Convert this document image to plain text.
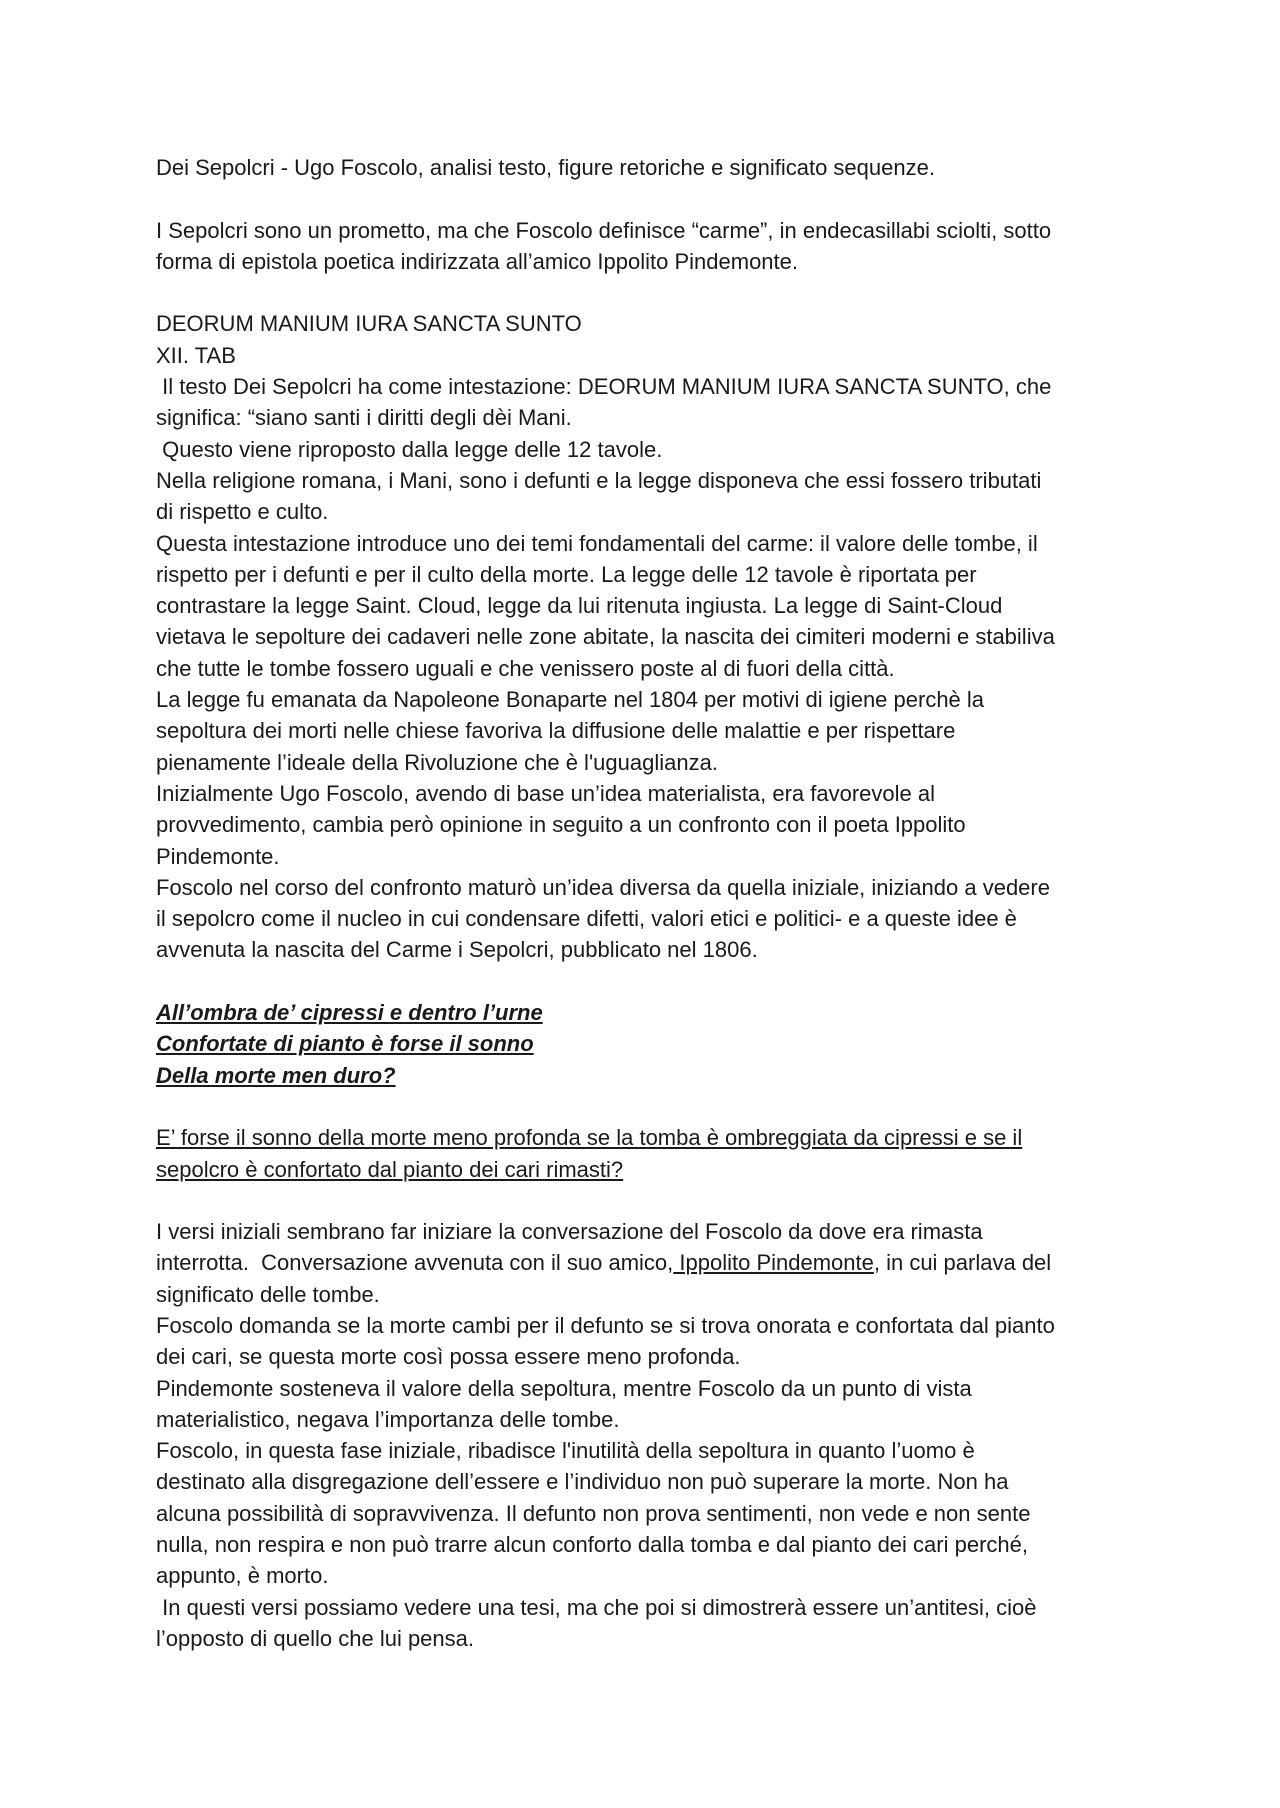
Dei Sepolcri - Ugo Foscolo, analisi testo, figure retoriche e significato sequenze.
I Sepolcri sono un prometto, ma che Foscolo definisce “carme”, in endecasillabi sciolti, sotto
forma di epistola poetica indirizzata all’amico Ippolito Pindemonte.
DEORUM MANIUM IURA SANCTA SUNTO
XII. TAB
Il testo Dei Sepolcri ha come intestazione: DEORUM MANIUM IURA SANCTA SUNTO, che
significa: “siano santi i diritti degli dèi Mani.
Questo viene riproposto dalla legge delle 12 tavole.
Nella religione romana, i Mani, sono i defunti e la legge disponeva che essi fossero tributati
di rispetto e culto.
Questa intestazione introduce uno dei temi fondamentali del carme: il valore delle tombe, il
rispetto per i defunti e per il culto della morte. La legge delle 12 tavole è riportata per
contrastare la legge Saint. Cloud, legge da lui ritenuta ingiusta. La legge di Saint-Cloud
vietava le sepolture dei cadaveri nelle zone abitate, la nascita dei cimiteri moderni e stabiliva
che tutte le tombe fossero uguali e che venissero poste al di fuori della città.
La legge fu emanata da Napoleone Bonaparte nel 1804 per motivi di igiene perchè la
sepoltura dei morti nelle chiese favoriva la diffusione delle malattie e per rispettare
pienamente l’ideale della Rivoluzione che è l'uguaglianza.
Inizialmente Ugo Foscolo, avendo di base un’idea materialista, era favorevole al
provvedimento, cambia però opinione in seguito a un confronto con il poeta Ippolito
Pindemonte.
Foscolo nel corso del confronto maturò un’idea diversa da quella iniziale, iniziando a vedere
il sepolcro come il nucleo in cui condensare difetti, valori etici e politici- e a queste idee è
avvenuta la nascita del Carme i Sepolcri, pubblicato nel 1806.
All’ombra de’ cipressi e dentro l’urne
Confortate di pianto è forse il sonno
Della morte men duro?
E’ forse il sonno della morte meno profonda se la tomba è ombreggiata da cipressi e se il
sepolcro è confortato dal pianto dei cari rimasti?
I versi iniziali sembrano far iniziare la conversazione del Foscolo da dove era rimasta
interrotta.  Conversazione avvenuta con il suo amico, Ippolito Pindemonte, in cui parlava del
significato delle tombe.
Foscolo domanda se la morte cambi per il defunto se si trova onorata e confortata dal pianto
dei cari, se questa morte così possa essere meno profonda.
Pindemonte sosteneva il valore della sepoltura, mentre Foscolo da un punto di vista
materialistico, negava l’importanza delle tombe.
Foscolo, in questa fase iniziale, ribadisce l'inutilità della sepoltura in quanto l’uomo è
destinato alla disgregazione dell’essere e l’individuo non può superare la morte. Non ha
alcuna possibilità di sopravvivenza. Il defunto non prova sentimenti, non vede e non sente
nulla, non respira e non può trarre alcun conforto dalla tomba e dal pianto dei cari perché,
appunto, è morto.
In questi versi possiamo vedere una tesi, ma che poi si dimostrerà essere un’antitesi, cioè
l’opposto di quello che lui pensa.
